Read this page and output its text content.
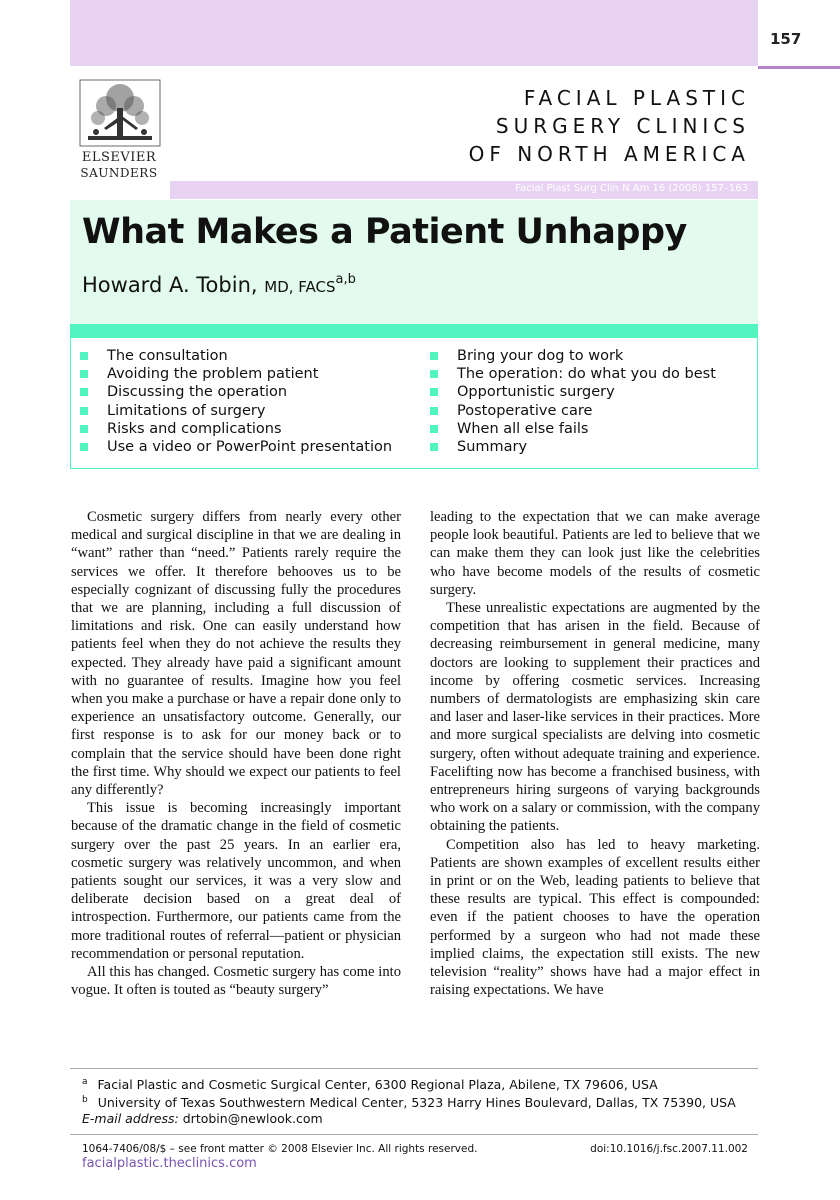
157
ELSEVIER
SAUNDERS
FACIAL PLASTIC
SURGERY CLINICS
OF NORTH AMERICA
Facial Plast Surg Clin N Am 16 (2008) 157–163
What Makes a Patient Unhappy
Howard A. Tobin, MD, FACS$^{a,b}$
The consultation
Avoiding the problem patient
Discussing the operation
Limitations of surgery
Risks and complications
Use a video or PowerPoint presentation
Bring your dog to work
The operation: do what you do best
Opportunistic surgery
Postoperative care
When all else fails
Summary

Cosmetic surgery differs from nearly every other medical and surgical discipline in that we are dealing in “want” rather than “need.” Patients rarely require the services we offer. It therefore behooves us to be especially cognizant of discussing fully the procedures that we are planning, including a full discussion of limitations and risk. One can easily understand how patients feel when they do not achieve the results they expected. They already have paid a significant amount with no guarantee of results. Imagine how you feel when you make a purchase or have a repair done only to experience an unsatisfactory outcome. Generally, our first response is to ask for our money back or to complain that the service should have been done right the first time. Why should we expect our patients to feel any differently?

This issue is becoming increasingly important because of the dramatic change in the field of cosmetic surgery over the past 25 years. In an earlier era, cosmetic surgery was relatively uncommon, and when patients sought our services, it was a very slow and deliberate decision based on a great deal of introspection. Furthermore, our patients came from the more traditional routes of referral—patient or physician recommendation or personal reputation.

All this has changed. Cosmetic surgery has come into vogue. It often is touted as “beauty surgery”

leading to the expectation that we can make average people look beautiful. Patients are led to believe that we can make them they can look just like the celebrities who have become models of the results of cosmetic surgery.

These unrealistic expectations are augmented by the competition that has arisen in the field. Because of decreasing reimbursement in general medicine, many doctors are looking to supplement their practices and income by offering cosmetic services. Increasing numbers of dermatologists are emphasizing skin care and laser and laser-like services in their practices. More and more surgical specialists are delving into cosmetic surgery, often without adequate training and experience. Facelifting now has become a franchised business, with entrepreneurs hiring surgeons of varying backgrounds who work on a salary or commission, with the company obtaining the patients.

Competition also has led to heavy marketing. Patients are shown examples of excellent results either in print or on the Web, leading patients to believe that these results are typical. This effect is compounded: even if the patient chooses to have the operation performed by a surgeon who had not made these implied claims, the expectation still exists. The new television “reality” shows have had a major effect in raising expectations. We have

$^a$ Facial Plastic and Cosmetic Surgical Center, 6300 Regional Plaza, Abilene, TX 79606, USA
$^b$ University of Texas Southwestern Medical Center, 5323 Harry Hines Boulevard, Dallas, TX 75390, USA
E-mail address: drtobin@newlook.com
1064-7406/08/$ – see front matter © 2008 Elsevier Inc. All rights reserved.	doi:10.1016/j.fsc.2007.11.002
facialplastic.theclinics.com
